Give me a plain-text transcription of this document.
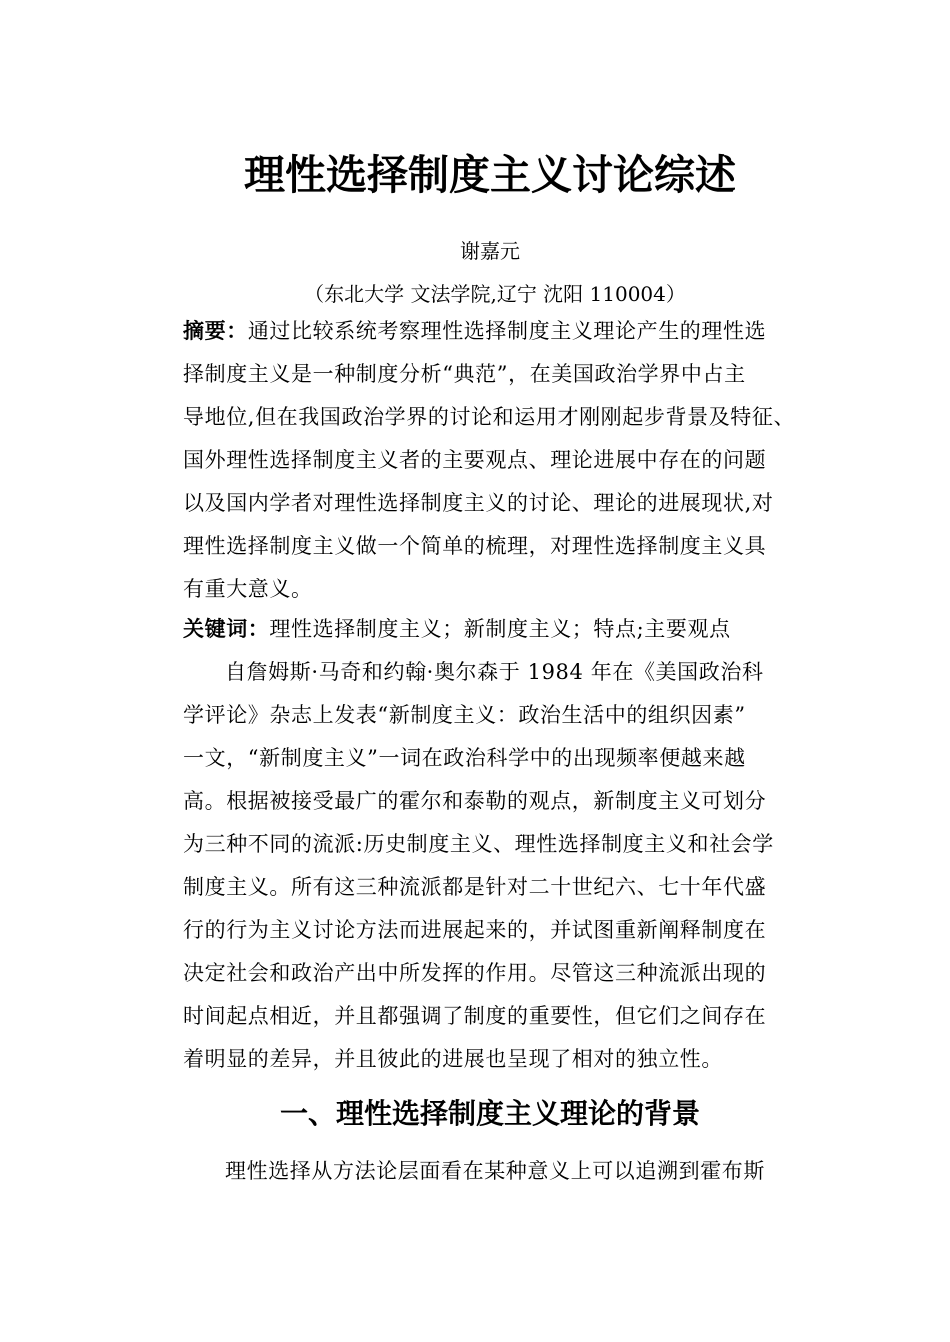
理性选择制度主义讨论综述
谢嘉元
（东北大学 文法学院,辽宁 沈阳 110004）
摘要：通过比较系统考察理性选择制度主义理论产生的理性选
择制度主义是一种制度分析“典范”，在美国政治学界中占主
导地位,但在我国政治学界的讨论和运用才刚刚起步背景及特征、
国外理性选择制度主义者的主要观点、理论进展中存在的问题
以及国内学者对理性选择制度主义的讨论、理论的进展现状,对
理性选择制度主义做一个简单的梳理，对理性选择制度主义具
有重大意义。
关键词：理性选择制度主义；新制度主义；特点;主要观点
自詹姆斯·马奇和约翰·奥尔森于 1984 年在《美国政治科
学评论》杂志上发表“新制度主义：政治生活中的组织因素”
一文，“新制度主义”一词在政治科学中的出现频率便越来越
高。根据被接受最广的霍尔和泰勒的观点，新制度主义可划分
为三种不同的流派:历史制度主义、理性选择制度主义和社会学
制度主义。所有这三种流派都是针对二十世纪六、七十年代盛
行的行为主义讨论方法而进展起来的，并试图重新阐释制度在
决定社会和政治产出中所发挥的作用。尽管这三种流派出现的
时间起点相近，并且都强调了制度的重要性，但它们之间存在
着明显的差异，并且彼此的进展也呈现了相对的独立性。
一、理性选择制度主义理论的背景
理性选择从方法论层面看在某种意义上可以追溯到霍布斯
